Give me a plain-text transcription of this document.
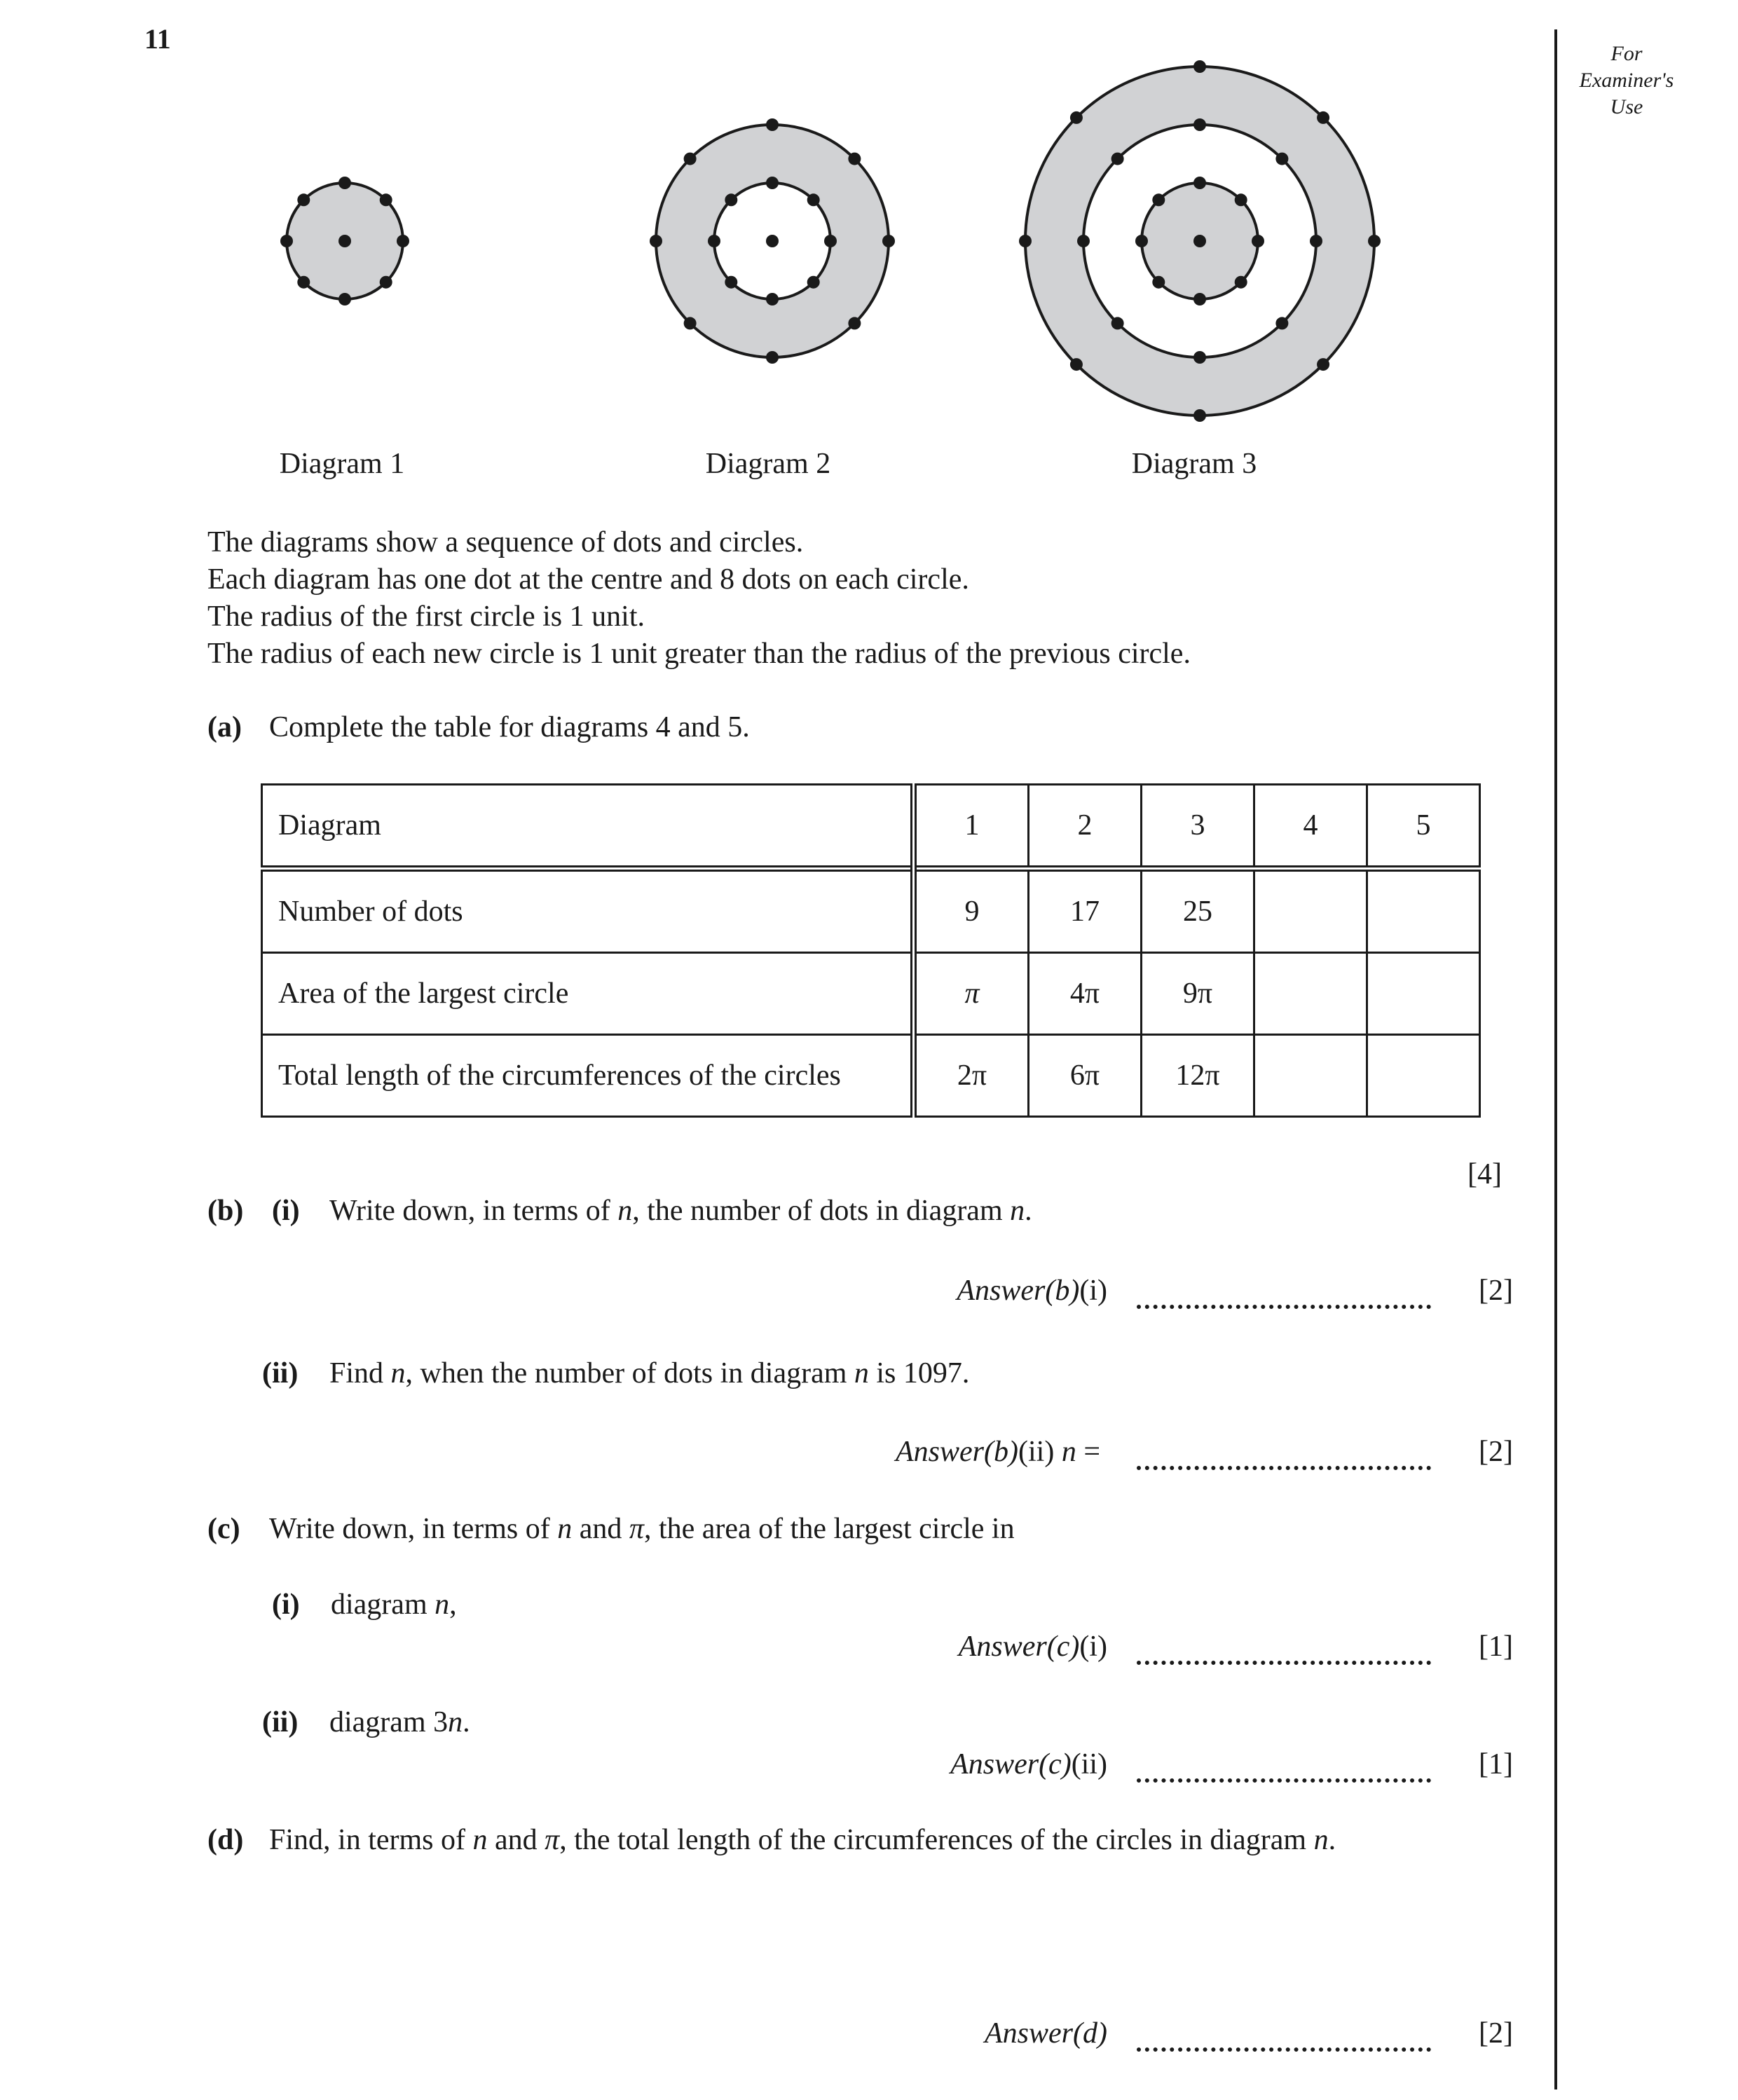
11	For
Examiner's
Use
Diagram 1	Diagram 2	Diagram 3
The diagrams show a sequence of dots and circles.
Each diagram has one dot at the centre and 8 dots on each circle.
The radius of the first circle is 1 unit.
The radius of each new circle is 1 unit greater than the radius of the previous circle.
(a) Complete the table for diagrams 4 and 5.
Diagram	1	2	3	4	5
Number of dots	9	17	25		
Area of the largest circle	π	4π	9π		
Total length of the circumferences of the circles	2π	6π	12π		
[4]
(b) (i) Write down, in terms of n, the number of dots in diagram n.
Answer(b)(i)	[2]
(ii) Find n, when the number of dots in diagram n is 1097.
Answer(b)(ii) n =	[2]
(c) Write down, in terms of n and π, the area of the largest circle in
(i) diagram n,
Answer(c)(i)	[1]
(ii) diagram 3n.
Answer(c)(ii)	[1]
(d) Find, in terms of n and π, the total length of the circumferences of the circles in diagram n.
Answer(d)	[2]
